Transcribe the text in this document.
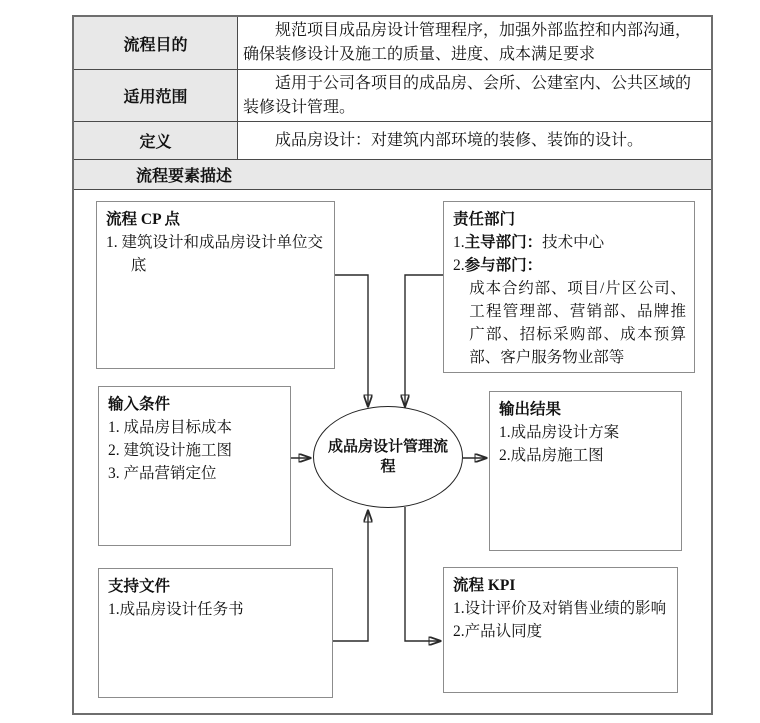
流程目的

规范项目成品房设计管理程序，加强外部监控和内部沟通，确保装修设计及施工的质量、进度、成本满足要求

适用范围

适用于公司各项目的成品房、会所、公建室内、公共区域的装修设计管理。

定义	成品房设计：对建筑内部环境的装修、装饰的设计。

流程要素描述
流程 CP 点
1. 建筑设计和成品房设计单位交底
责任部门
1.主导部门：技术中心
2.参与部门：
成本合约部、项目/片区公司、工程管理部、营销部、品牌推广部、招标采购部、成本预算部、客户服务物业部等
输入条件
1. 成品房目标成本
2. 建筑设计施工图
3. 产品营销定位
成品房设计管理流程
输出结果
1.成品房设计方案
2.成品房施工图
支持文件
1.成品房设计任务书
流程 KPI
1.设计评价及对销售业绩的影响
2.产品认同度
